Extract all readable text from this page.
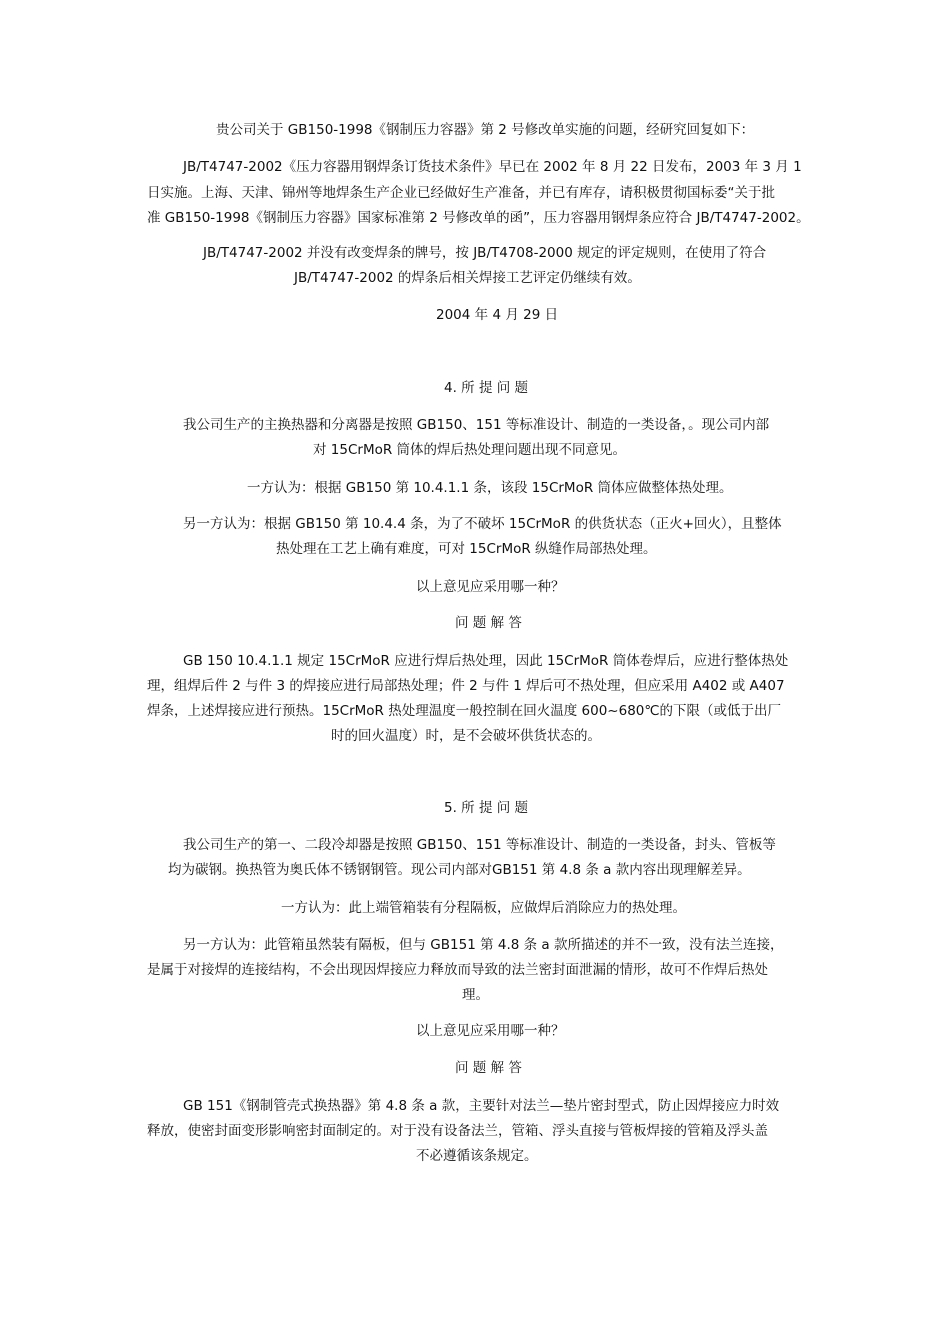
贵公司关于 GB150-1998《钢制压力容器》第 2 号修改单实施的问题，经研究回复如下：
JB/T4747-2002《压力容器用钢焊条订货技术条件》早已在 2002 年 8 月 22 日发布，2003 年 3 月 1
日实施。上海、天津、锦州等地焊条生产企业已经做好生产准备，并已有库存，请积极贯彻国标委“关于批
准 GB150-1998《钢制压力容器》国家标准第 2 号修改单的函”，压力容器用钢焊条应符合 JB/T4747-2002。
JB/T4747-2002 并没有改变焊条的牌号，按 JB/T4708-2000 规定的评定规则，在使用了符合
JB/T4747-2002 的焊条后相关焊接工艺评定仍继续有效。
2004 年 4 月 29 日
4. 所 提 问 题
我公司生产的主换热器和分离器是按照 GB150、151 等标准设计、制造的一类设备，。现公司内部
对 15CrMoR 筒体的焊后热处理问题出现不同意见。
一方认为：根据 GB150 第 10.4.1.1 条，该段 15CrMoR 筒体应做整体热处理。
另一方认为：根据 GB150 第 10.4.4 条，为了不破坏 15CrMoR 的供货状态（正火+回火），且整体
热处理在工艺上确有难度，可对 15CrMoR 纵缝作局部热处理。
以上意见应采用哪一种？
问 题 解 答
GB 150 10.4.1.1 规定 15CrMoR 应进行焊后热处理，因此 15CrMoR 筒体卷焊后，应进行整体热处
理，组焊后件 2 与件 3 的焊接应进行局部热处理；件 2 与件 1 焊后可不热处理，但应采用 A402 或 A407
焊条，上述焊接应进行预热。15CrMoR 热处理温度一般控制在回火温度 600~680℃的下限（或低于出厂
时的回火温度）时，是不会破坏供货状态的。
5. 所 提 问 题
我公司生产的第一、二段冷却器是按照 GB150、151 等标准设计、制造的一类设备，封头、管板等
均为碳钢。换热管为奥氏体不锈钢钢管。现公司内部对GB151 第 4.8 条 a 款内容出现理解差异。
一方认为：此上端管箱装有分程隔板，应做焊后消除应力的热处理。
另一方认为：此管箱虽然装有隔板，但与 GB151 第 4.8 条 a 款所描述的并不一致，没有法兰连接，
是属于对接焊的连接结构，不会出现因焊接应力释放而导致的法兰密封面泄漏的情形，故可不作焊后热处
理。
以上意见应采用哪一种？
问 题 解 答
GB 151《钢制管壳式换热器》第 4.8 条 a 款，主要针对法兰—垫片密封型式，防止因焊接应力时效
释放，使密封面变形影响密封面制定的。对于没有设备法兰，管箱、浮头直接与管板焊接的管箱及浮头盖
不必遵循该条规定。
